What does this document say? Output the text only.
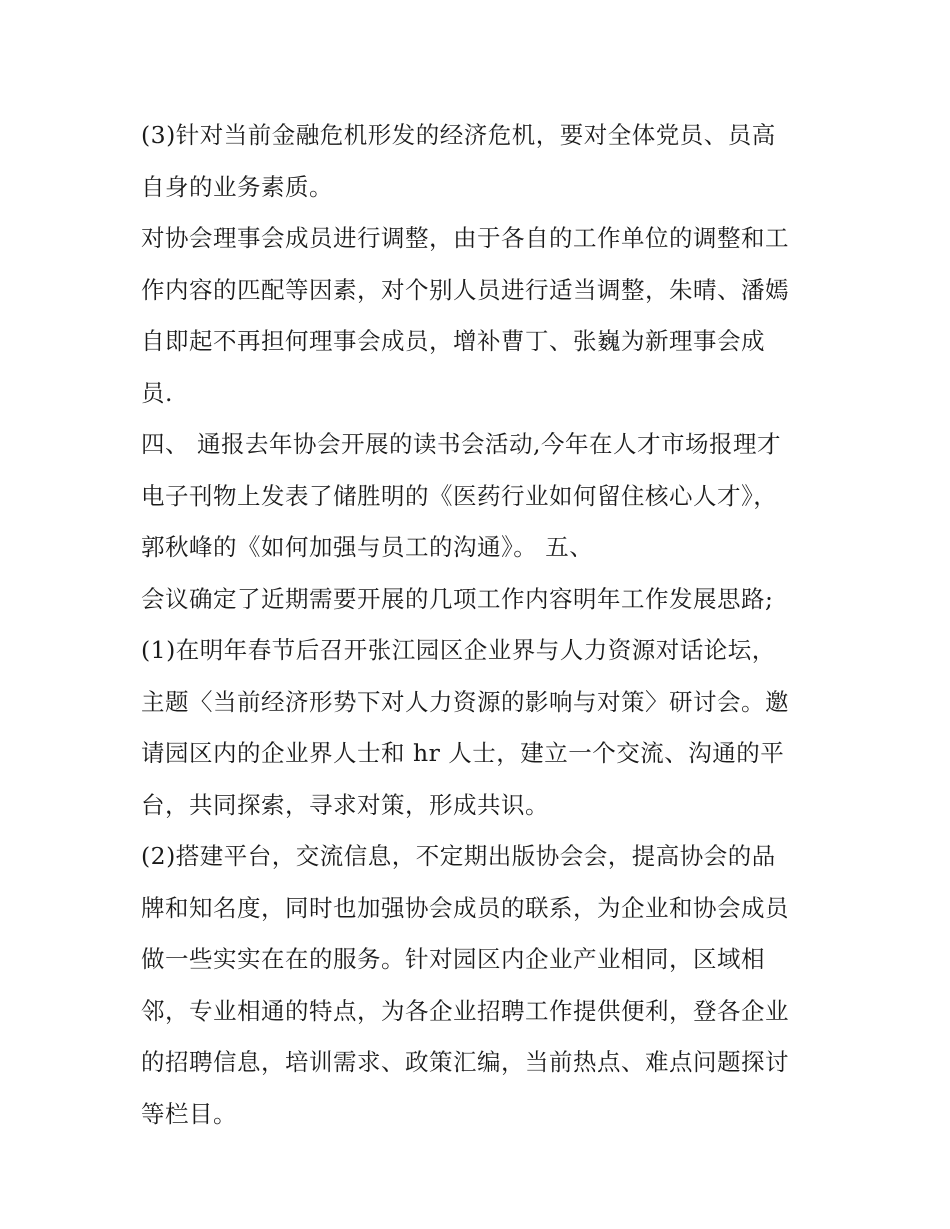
(3)针对当前金融危机形发的经济危机，要对全体党员、员高
自身的业务素质。
对协会理事会成员进行调整，由于各自的工作单位的调整和工
作内容的匹配等因素，对个别人员进行适当调整，朱晴、潘嫣
自即起不再担何理事会成员，增补曹丁、张巍为新理事会成
员.
四、 通报去年协会开展的读书会活动,今年在人才市场报理才
电子刊物上发表了储胜明的《医药行业如何留住核心人才》，
郭秋峰的《如何加强与员工的沟通》。 五、
会议确定了近期需要开展的几项工作内容明年工作发展思路;
(1)在明年春节后召开张江园区企业界与人力资源对话论坛，
主题〈当前经济形势下对人力资源的影响与对策〉研讨会。邀
请园区内的企业界人士和 hr 人士，建立一个交流、沟通的平
台，共同探索，寻求对策，形成共识。
(2)搭建平台，交流信息，不定期出版协会会，提高协会的品
牌和知名度，同时也加强协会成员的联系，为企业和协会成员
做一些实实在在的服务。针对园区内企业产业相同，区域相
邻，专业相通的特点，为各企业招聘工作提供便利，登各企业
的招聘信息，培训需求、政策汇编，当前热点、难点问题探讨
等栏目。
